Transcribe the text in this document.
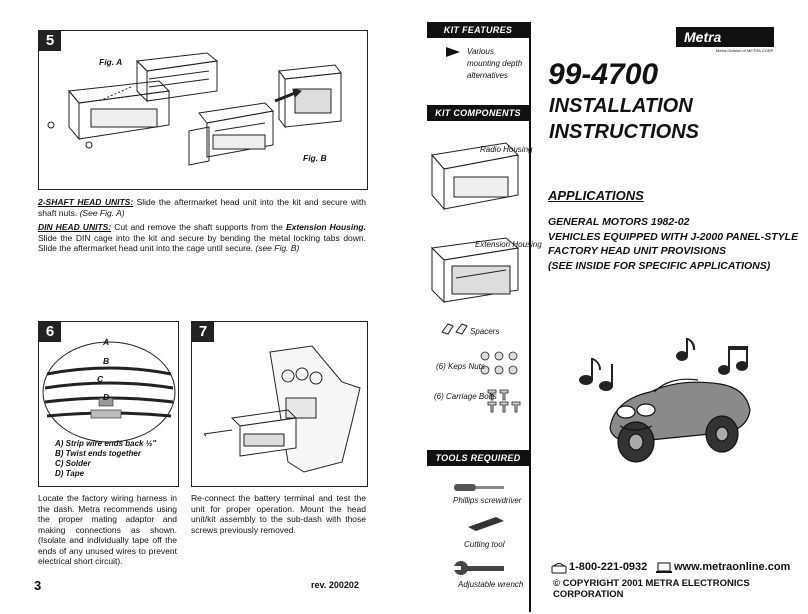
5
Fig. A
Fig. B
2-SHAFT HEAD UNITS: Slide the aftermarket head unit into the kit and secure with shaft nuts. (See Fig. A)
DIN HEAD UNITS: Cut and remove the shaft supports from the Extension Housing. Slide the DIN cage into the kit and secure by bending the metal locking tabs down. Slide the aftermarket head unit into the cage until secure. (see Fig. B)
6
A
B
C
D
A) Strip wire ends back ½"
B) Twist ends together
C) Solder
D) Tape
Locate the factory wiring harness in the dash. Metra recommends using the proper mating adaptor and making connections as shown. (Isolate and individually tape off the ends of any unused wires to prevent electrical short circuit).
7
Re-connect the battery terminal and test the unit for proper operation. Mount the head unit/kit assembly to the sub-dash with those screws previously removed.
3	rev. 200202
KIT FEATURES
Various
mounting depth
alternatives
KIT COMPONENTS
Radio Housing
Extension Housing
Spacers
(6) Keps Nuts
(6) Carriage Bolts
TOOLS REQUIRED
Phillips screwdriver
Cutting tool
Adjustable wrench
Metra
Metra Division of METRA CORP
99-4700
INSTALLATION
INSTRUCTIONS
APPLICATIONS
GENERAL MOTORS 1982-02
VEHICLES EQUIPPED WITH J-2000 PANEL-STYLE
FACTORY HEAD UNIT PROVISIONS
(SEE INSIDE FOR SPECIFIC APPLICATIONS)
1-800-221-0932 www.metraonline.com
© COPYRIGHT 2001 METRA ELECTRONICS CORPORATION
